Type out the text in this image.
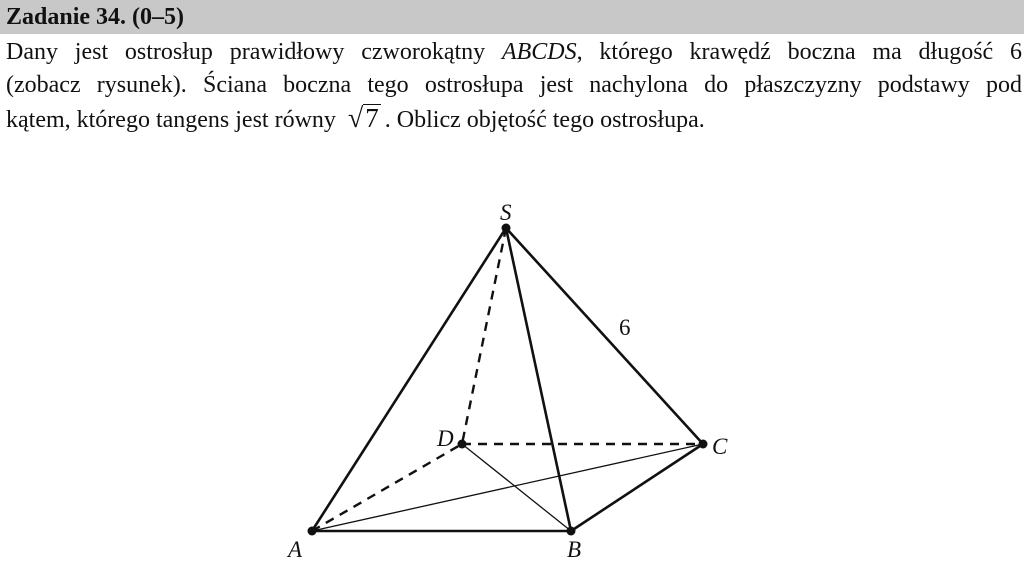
Zadanie 34. (0–5)
Dany jest ostrosłup prawidłowy czworokątny ABCDS, którego krawędź boczna ma długość 6
(zobacz rysunek). Ściana boczna tego ostrosłupa jest nachylona do płaszczyzny podstawy pod
kątem, którego tangens jest równy √7 . Oblicz objętość tego ostrosłupa.
S
A	B
C
D
6
